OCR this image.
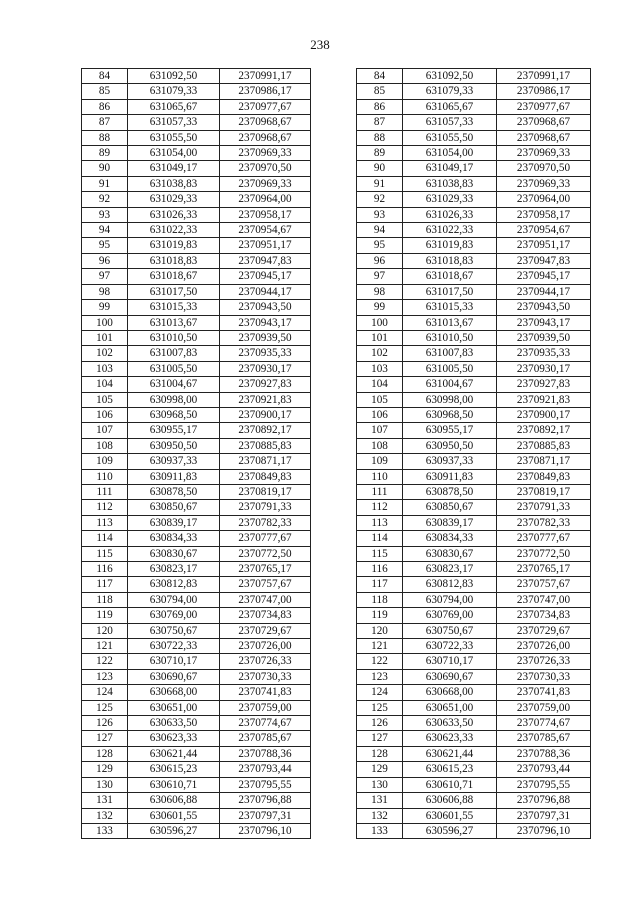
238
84	631092,50	2370991,17		84	631092,50	2370991,17
85	631079,33	2370986,17		85	631079,33	2370986,17
86	631065,67	2370977,67		86	631065,67	2370977,67
87	631057,33	2370968,67		87	631057,33	2370968,67
88	631055,50	2370968,67		88	631055,50	2370968,67
89	631054,00	2370969,33		89	631054,00	2370969,33
90	631049,17	2370970,50		90	631049,17	2370970,50
91	631038,83	2370969,33		91	631038,83	2370969,33
92	631029,33	2370964,00		92	631029,33	2370964,00
93	631026,33	2370958,17		93	631026,33	2370958,17
94	631022,33	2370954,67		94	631022,33	2370954,67
95	631019,83	2370951,17		95	631019,83	2370951,17
96	631018,83	2370947,83		96	631018,83	2370947,83
97	631018,67	2370945,17		97	631018,67	2370945,17
98	631017,50	2370944,17		98	631017,50	2370944,17
99	631015,33	2370943,50		99	631015,33	2370943,50
100	631013,67	2370943,17		100	631013,67	2370943,17
101	631010,50	2370939,50		101	631010,50	2370939,50
102	631007,83	2370935,33		102	631007,83	2370935,33
103	631005,50	2370930,17		103	631005,50	2370930,17
104	631004,67	2370927,83		104	631004,67	2370927,83
105	630998,00	2370921,83		105	630998,00	2370921,83
106	630968,50	2370900,17		106	630968,50	2370900,17
107	630955,17	2370892,17		107	630955,17	2370892,17
108	630950,50	2370885,83		108	630950,50	2370885,83
109	630937,33	2370871,17		109	630937,33	2370871,17
110	630911,83	2370849,83		110	630911,83	2370849,83
111	630878,50	2370819,17		111	630878,50	2370819,17
112	630850,67	2370791,33		112	630850,67	2370791,33
113	630839,17	2370782,33		113	630839,17	2370782,33
114	630834,33	2370777,67		114	630834,33	2370777,67
115	630830,67	2370772,50		115	630830,67	2370772,50
116	630823,17	2370765,17		116	630823,17	2370765,17
117	630812,83	2370757,67		117	630812,83	2370757,67
118	630794,00	2370747,00		118	630794,00	2370747,00
119	630769,00	2370734,83		119	630769,00	2370734,83
120	630750,67	2370729,67		120	630750,67	2370729,67
121	630722,33	2370726,00		121	630722,33	2370726,00
122	630710,17	2370726,33		122	630710,17	2370726,33
123	630690,67	2370730,33		123	630690,67	2370730,33
124	630668,00	2370741,83		124	630668,00	2370741,83
125	630651,00	2370759,00		125	630651,00	2370759,00
126	630633,50	2370774,67		126	630633,50	2370774,67
127	630623,33	2370785,67		127	630623,33	2370785,67
128	630621,44	2370788,36		128	630621,44	2370788,36
129	630615,23	2370793,44		129	630615,23	2370793,44
130	630610,71	2370795,55		130	630610,71	2370795,55
131	630606,88	2370796,88		131	630606,88	2370796,88
132	630601,55	2370797,31		132	630601,55	2370797,31
133	630596,27	2370796,10		133	630596,27	2370796,10
